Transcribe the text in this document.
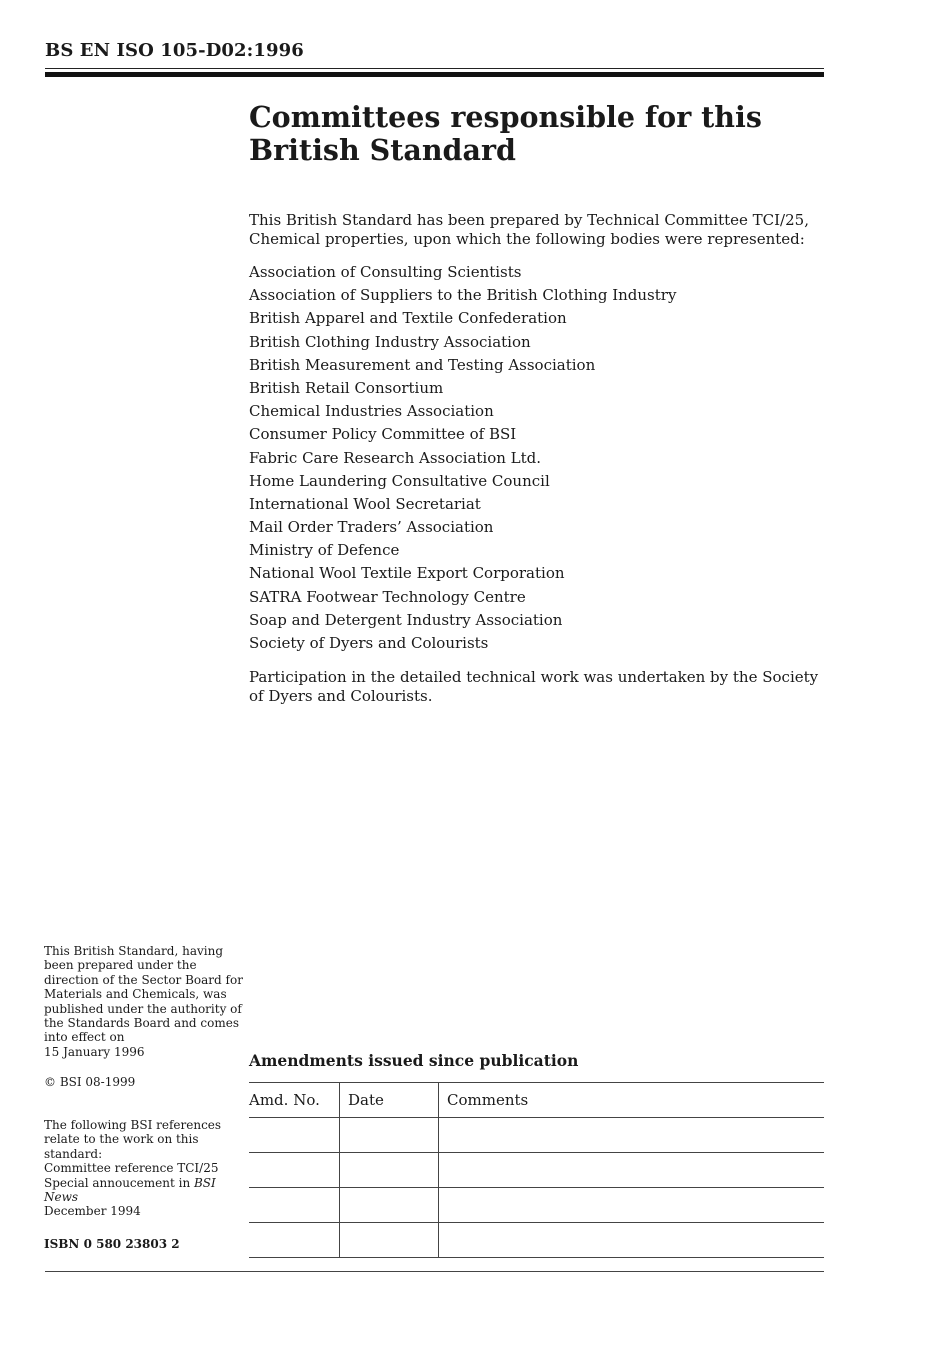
BS EN ISO 105-D02:1996
Committees responsible for this British Standard

This British Standard has been prepared by Technical Committee TCI/25, Chemical properties, upon which the following bodies were represented:

Association of Consulting Scientists
Association of Suppliers to the British Clothing Industry
British Apparel and Textile Confederation
British Clothing Industry Association
British Measurement and Testing Association
British Retail Consortium
Chemical Industries Association
Consumer Policy Committee of BSI
Fabric Care Research Association Ltd.
Home Laundering Consultative Council
International Wool Secretariat
Mail Order Traders’ Association
Ministry of Defence
National Wool Textile Export Corporation
SATRA Footwear Technology Centre
Soap and Detergent Industry Association
Society of Dyers and Colourists

Participation in the detailed technical work was undertaken by the Society of Dyers and Colourists.

This British Standard, having been prepared under the direction of the Sector Board for Materials and Chemicals, was published under the authority of the Standards Board and comes into effect on

15 January 1996

© BSI 08-1999

The following BSI references relate to the work on this standard:

Committee reference TCI/25

Special annoucement in BSI News

December 1994

ISBN 0 580 23803 2

Amendments issued since publication
Amd. No.	Date	Comments
